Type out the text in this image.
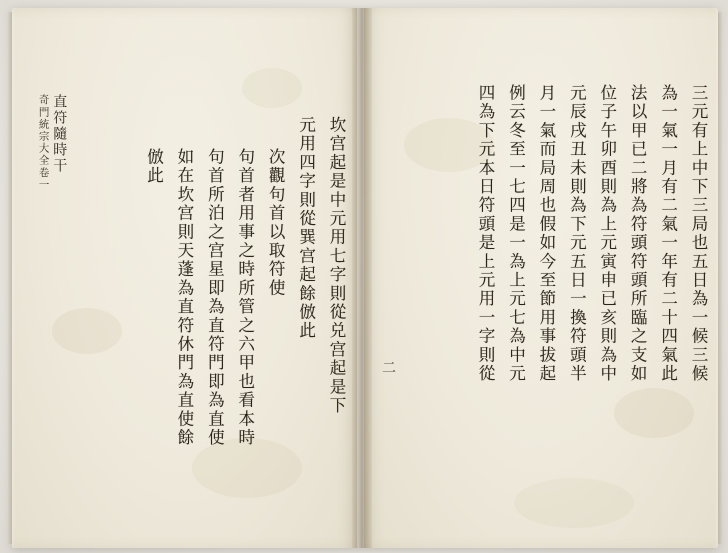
三元有上中下三局也五日為一候三候
為一氣一月有二氣一年有二十四氣此
法以甲已二將為符頭符頭所臨之支如
位子午卯酉則為上元寅申已亥則為中
元辰戌丑未則為下元五日一換符頭半
月一氣而局周也假如今至節用事拔起
例云冬至一七四是一為上元七為中元
四為下元本日符頭是上元用一字則從
二
坎宫起是中元用七字則從兑宫起是下
元用四字則從巽宫起餘倣此
次觀句首以取符使
句首者用事之時所管之六甲也看本時
句首所泊之宫星即為直符門即為直使
如在坎宫則天蓬為直符休門為直使餘
倣此
奇門統宗大全卷一 直符隨時干
